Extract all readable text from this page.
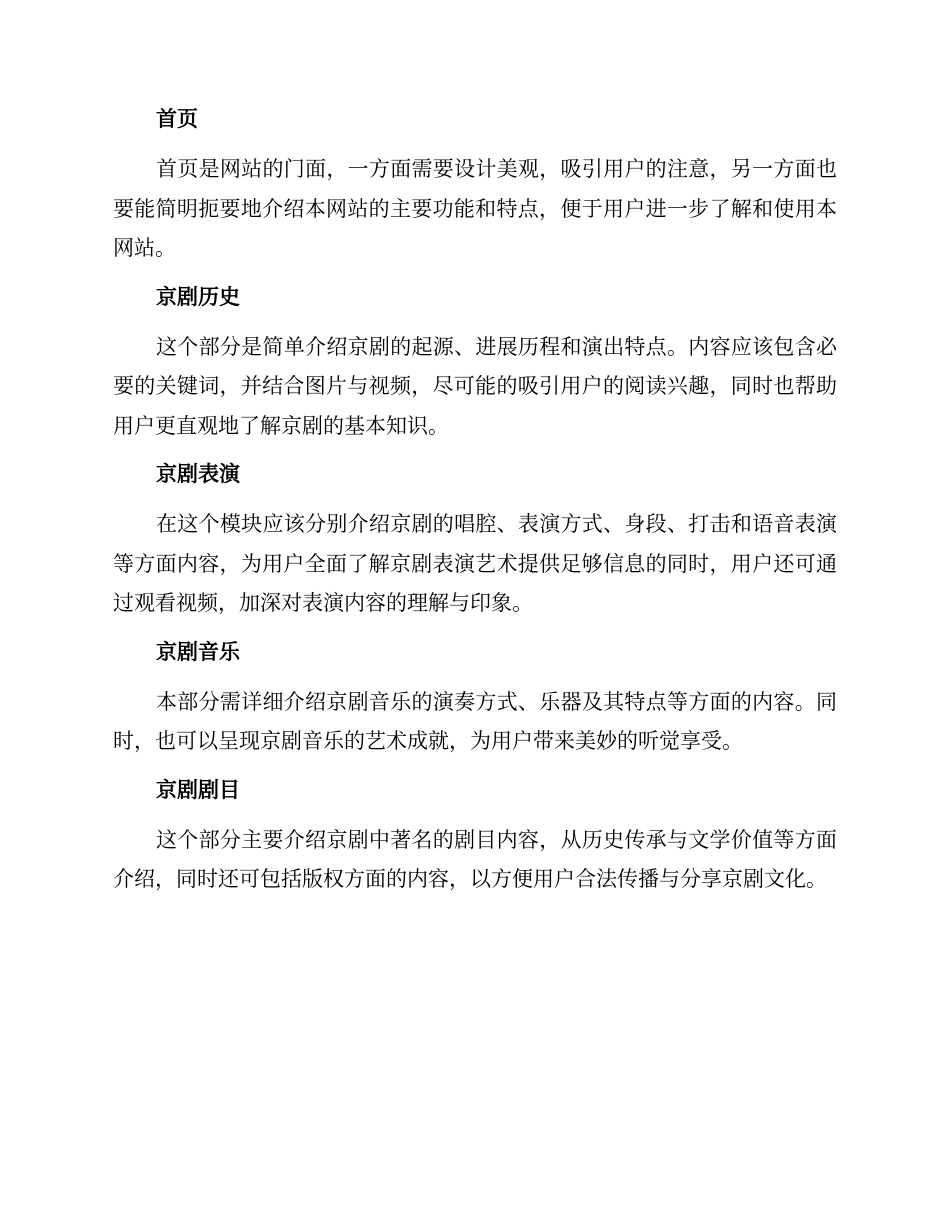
首页

首页是网站的门面，一方面需要设计美观，吸引用户的注意，另一方面也要能简明扼要地介绍本网站的主要功能和特点，便于用户进一步了解和使用本网站。

京剧历史

这个部分是简单介绍京剧的起源、进展历程和演出特点。内容应该包含必要的关键词，并结合图片与视频，尽可能的吸引用户的阅读兴趣，同时也帮助用户更直观地了解京剧的基本知识。

京剧表演

在这个模块应该分别介绍京剧的唱腔、表演方式、身段、打击和语音表演等方面内容，为用户全面了解京剧表演艺术提供足够信息的同时，用户还可通过观看视频，加深对表演内容的理解与印象。

京剧音乐

本部分需详细介绍京剧音乐的演奏方式、乐器及其特点等方面的内容。同时，也可以呈现京剧音乐的艺术成就，为用户带来美妙的听觉享受。

京剧剧目

这个部分主要介绍京剧中著名的剧目内容，从历史传承与文学价值等方面介绍，同时还可包括版权方面的内容，以方便用户合法传播与分享京剧文化。
